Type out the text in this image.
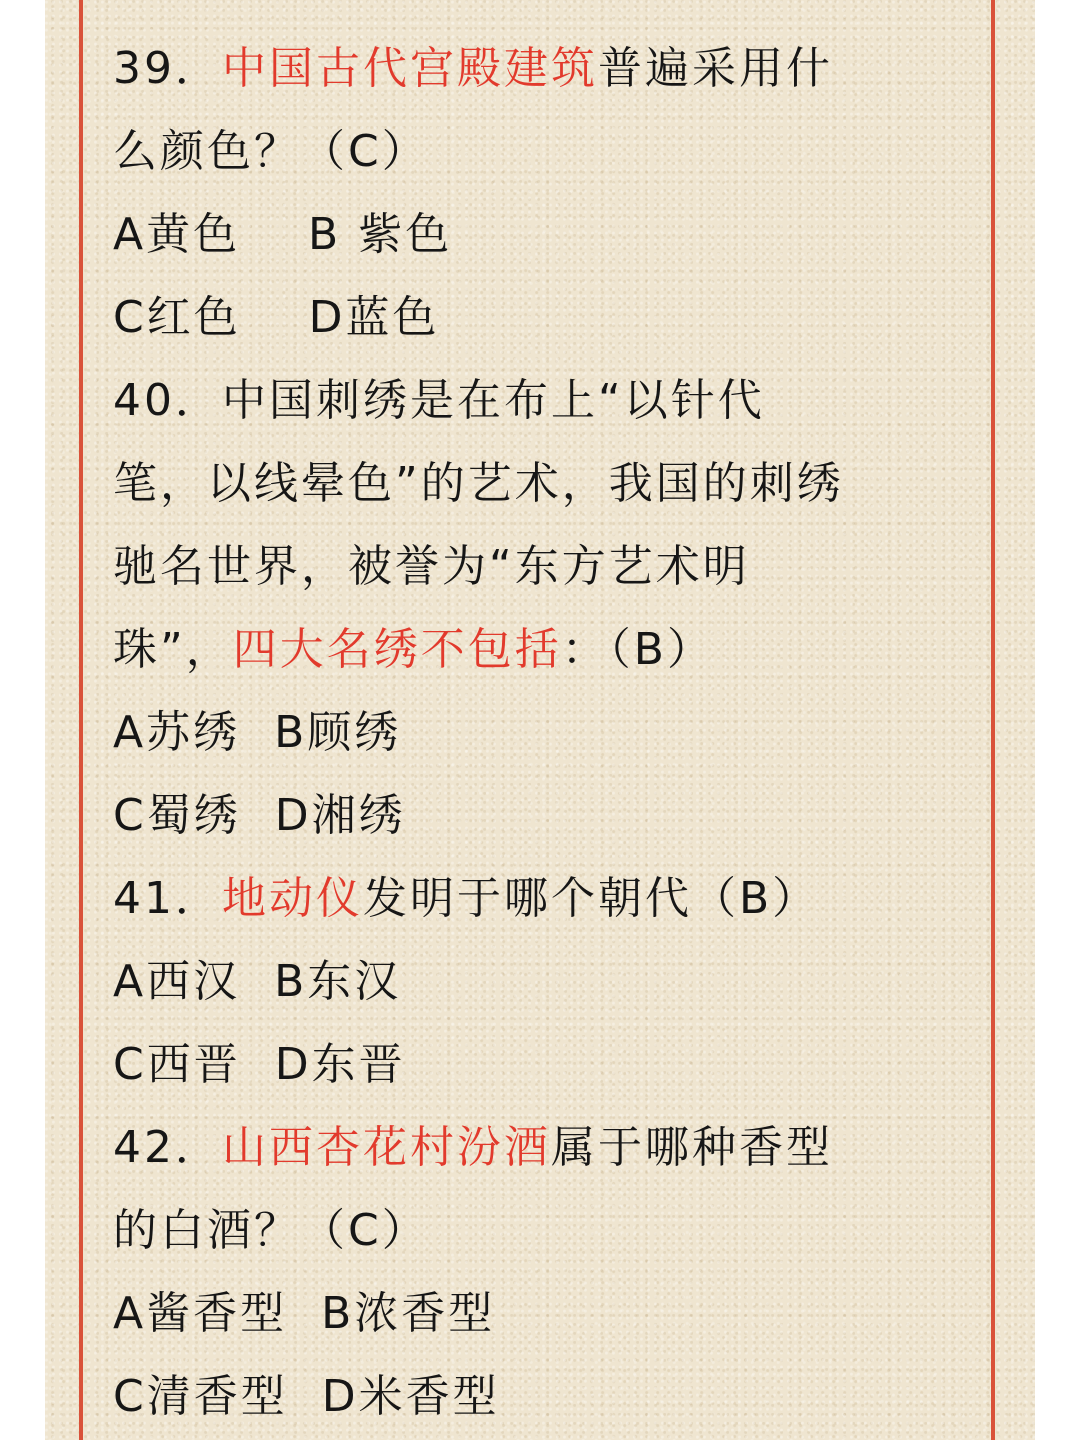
39．中国古代宫殿建筑普遍采用什
么颜色？（C）
A黄色    B 紫色
C红色    D蓝色
40．中国刺绣是在布上“以针代
笔，以线晕色”的艺术，我国的刺绣
驰名世界，被誉为“东方艺术明
珠”，四大名绣不包括：（B）
A苏绣  B顾绣
C蜀绣  D湘绣
41．地动仪发明于哪个朝代（B）
A西汉  B东汉
C西晋  D东晋
42．山西杏花村汾酒属于哪种香型
的白酒？（C）
A酱香型  B浓香型
C清香型  D米香型
